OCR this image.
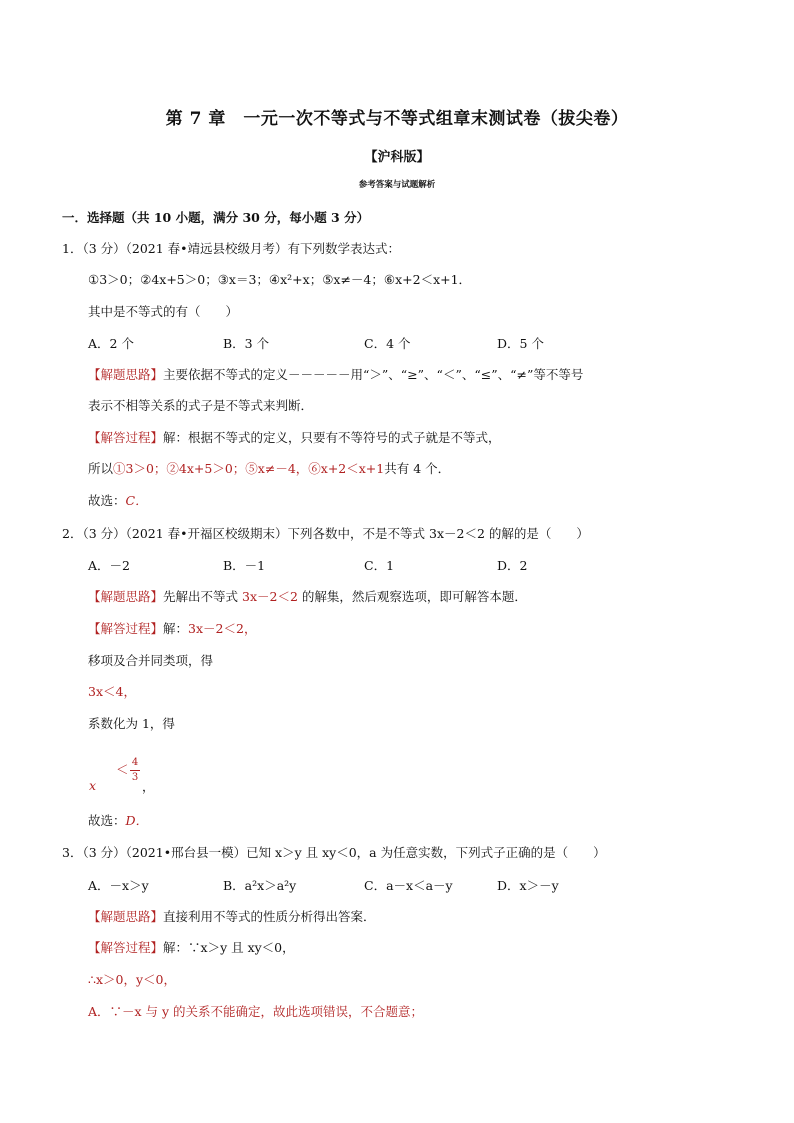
第 7 章　一元一次不等式与不等式组章末测试卷（拔尖卷）
【沪科版】
参考答案与试题解析
一．选择题（共 10 小题，满分 30 分，每小题 3 分）
1．（3 分）（2021 春•靖远县校级月考）有下列数学表达式：
①3＞0；②4x+5＞0；③x＝3；④x²+x；⑤x≠－4；⑥x+2＜x+1．
其中是不等式的有（　　）
A．2 个	B．3 个	C．4 个	D．5 个
【解题思路】主要依据不等式的定义－－－－－用“＞”、“≥”、“＜”、“≤”、“≠”等不等号
表示不相等关系的式子是不等式来判断．
【解答过程】解：根据不等式的定义，只要有不等符号的式子就是不等式，
所以①3＞0；②4x+5＞0；⑤x≠－4，⑥x+2＜x+1共有 4 个．
故选：C．
2．（3 分）（2021 春•开福区校级期末）下列各数中，不是不等式 3x－2＜2 的解的是（　　）
A．－2	B．－1	C．1	D．2
【解题思路】先解出不等式 3x－2＜2 的解集，然后观察选项，即可解答本题．
【解答过程】解：3x－2＜2，
移项及合并同类项，得
3x＜4，
系数化为 1，得
x
＜ 4
3
，
故选：D．
3．（3 分）（2021•邢台县一模）已知 x＞y 且 xy＜0，a 为任意实数，下列式子正确的是（　　）
A．－x＞y	B．a²x＞a²y	C．a－x＜a－y	D．x＞－y
【解题思路】直接利用不等式的性质分析得出答案．
【解答过程】解：∵x＞y 且 xy＜0，
∴x＞0，y＜0，
A．∵－x 与 y 的关系不能确定，故此选项错误，不合题意；
